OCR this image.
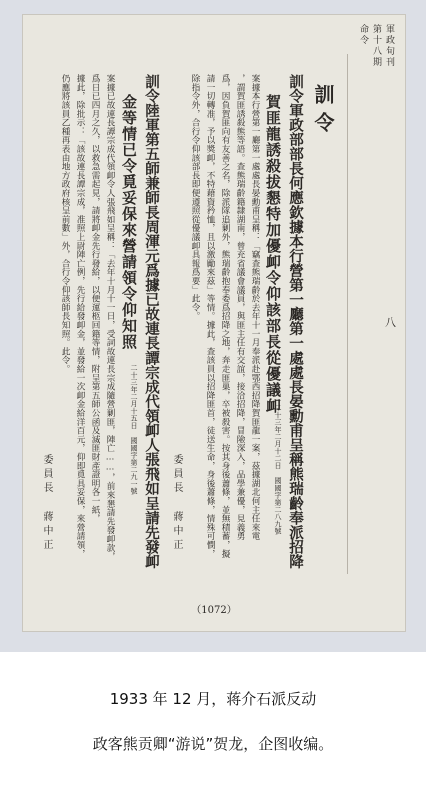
軍政旬刊
第十八期
命令
八
訓令
訓令軍政部部長何應欽據本行營第一廳第一處處長晏勳甫呈稱熊瑞齡奉派招降
賀匪龍誘殺拔懇特加優卹令仰該部長從優議卹
二十三年二月十二日 國國字第二八九號
案據本行營第一廳第一處處長晏勳甫呈稱：「竊查熊瑞齡於去年十一月奉派赴鄂西招降賀匪龍一案，茲據湖北何主任來電
，謂賀匪誘殺熊等語。查熊瑞齡籍隸湖南，曾充省議會議員，與匪主任有交誼，接洽招降，冒險深入，品學兼優，見義勇
爲，因負賀匪向有友善之名，除派隊追剿外，熊瑞齡抱奉委爲招降之地，奔走匪巢，卒被殺害。按其身後蕭條，並無積蓄，擬
請一切轉准，予以獎卹，不特藉資矜恤，且以激勵來茲」等情。據此，查該員以招降匪首，徒送生命，身後蕭條，情殊可憫，
除指令外，合行令仰該部長即便遵照從優議卹具報爲要」此令。
委員長 蔣中正
訓令陸軍第五師兼師長周渾元爲據已故連長譚宗成代領卹人張飛如呈請先發卹
金等情已令覓妥保來營請領令仰知照
二十三年二月十五日 國國字第二九一號
案據已故連長譚宗成代領卹令人張飛如呈稱：「去年十月十一日，受詞故連長宗成隨營剿匪，陣亡……，前來懇請先發卹款，
爲日已四月之久，以救急需起見，請將卹金先行發給，以便運柩回籍等情，附呈第五師公函及滅匪財產證明各一紙，
據此，除批示：「該故連長譚宗成，准照上尉陣亡例，先行給發卹金，並發給一次卹金給洋百元，仰即覓具妥保，來營請領，
仍應將該員乙種再表由地方政府核呈前數」外，合行令仰該師長知照。此令。
委員長 蔣中正
（1072）
1933 年 12 月，蒋介石派反动
政客熊贡卿“游说”贺龙，企图收编。
